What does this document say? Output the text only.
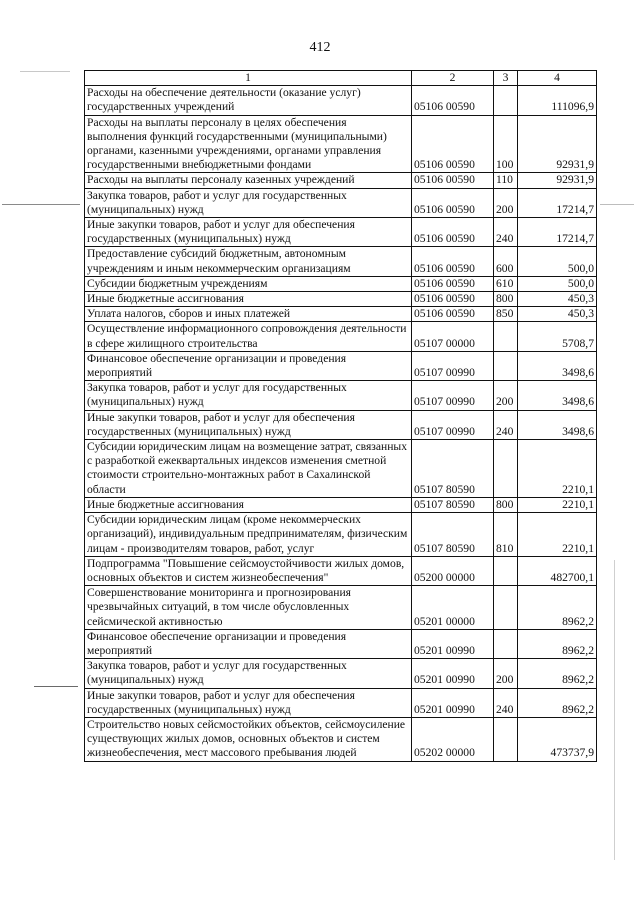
412
1	2	3	4
Расходы на обеспечение деятельности (оказание услуг) государственных учреждений	05106 00590		111096,9
Расходы на выплаты персоналу в целях обеспечения выполнения функций государственными (муниципальными) органами, казенными учреждениями, органами управления государственными внебюджетными фондами	05106 00590	100	92931,9
Расходы на выплаты персоналу казенных учреждений	05106 00590	110	92931,9
Закупка товаров, работ и услуг для государственных (муниципальных) нужд	05106 00590	200	17214,7
Иные закупки товаров, работ и услуг для обеспечения государственных (муниципальных) нужд	05106 00590	240	17214,7
Предоставление субсидий бюджетным, автономным учреждениям и иным некоммерческим организациям	05106 00590	600	500,0
Субсидии бюджетным учреждениям	05106 00590	610	500,0
Иные бюджетные ассигнования	05106 00590	800	450,3
Уплата налогов, сборов и иных платежей	05106 00590	850	450,3
Осуществление информационного сопровождения деятельности в сфере жилищного строительства	05107 00000		5708,7
Финансовое обеспечение организации и проведения мероприятий	05107 00990		3498,6
Закупка товаров, работ и услуг для государственных (муниципальных) нужд	05107 00990	200	3498,6
Иные закупки товаров, работ и услуг для обеспечения государственных (муниципальных) нужд	05107 00990	240	3498,6
Субсидии юридическим лицам на возмещение затрат, связанных с разработкой ежеквартальных индексов изменения сметной стоимости строительно-монтажных работ в Сахалинской области	05107 80590		2210,1
Иные бюджетные ассигнования	05107 80590	800	2210,1
Субсидии юридическим лицам (кроме некоммерческих организаций), индивидуальным предпринимателям, физическим лицам - производителям товаров, работ, услуг	05107 80590	810	2210,1
Подпрограмма "Повышение сейсмоустойчивости жилых домов, основных объектов и систем жизнеобеспечения"	05200 00000		482700,1
Совершенствование мониторинга и прогнозирования чрезвычайных ситуаций, в том числе обусловленных сейсмической активностью	05201 00000		8962,2
Финансовое обеспечение организации и проведения мероприятий	05201 00990		8962,2
Закупка товаров, работ и услуг для государственных (муниципальных) нужд	05201 00990	200	8962,2
Иные закупки товаров, работ и услуг для обеспечения государственных (муниципальных) нужд	05201 00990	240	8962,2
Строительство новых сейсмостойких объектов, сейсмоусиление существующих жилых домов, основных объектов и систем жизнеобеспечения, мест массового пребывания людей	05202 00000		473737,9
